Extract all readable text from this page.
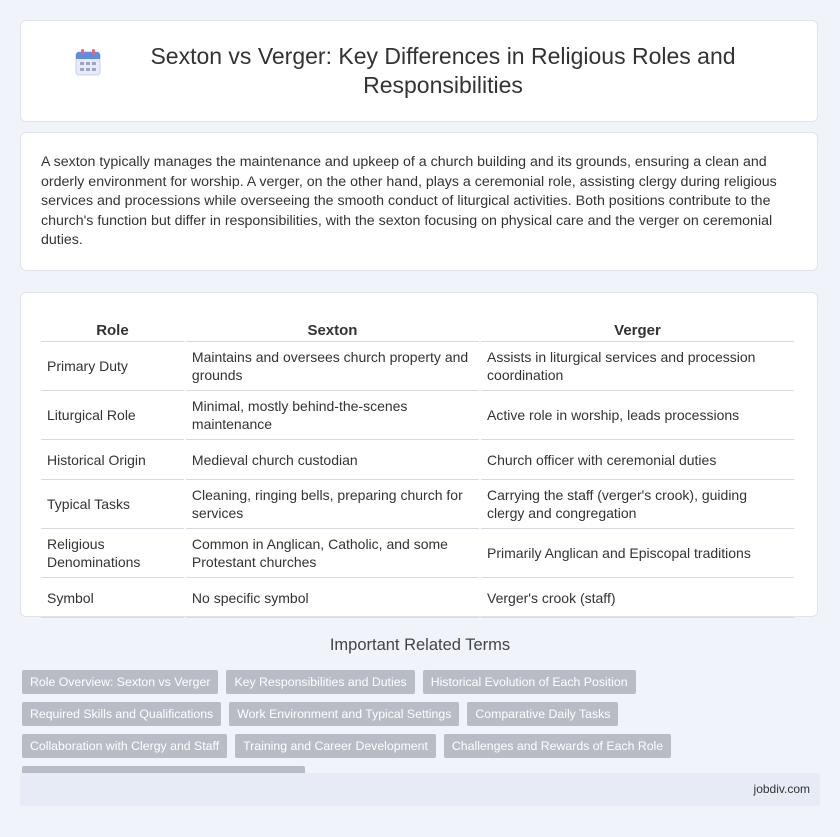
Sexton vs Verger: Key Differences in Religious Roles and Responsibilities

A sexton typically manages the maintenance and upkeep of a church building and its grounds, ensuring a clean and orderly environment for worship. A verger, on the other hand, plays a ceremonial role, assisting clergy during religious services and processions while overseeing the smooth conduct of liturgical activities. Both positions contribute to the church's function but differ in responsibilities, with the sexton focusing on physical care and the verger on ceremonial duties.

Role	Sexton	Verger
Primary Duty	Maintains and oversees church property and grounds	Assists in liturgical services and procession coordination
Liturgical Role	Minimal, mostly behind-the-scenes maintenance	Active role in worship, leads processions
Historical Origin	Medieval church custodian	Church officer with ceremonial duties
Typical Tasks	Cleaning, ringing bells, preparing church for services	Carrying the staff (verger's crook), guiding clergy and congregation
Religious Denominations	Common in Anglican, Catholic, and some Protestant churches	Primarily Anglican and Episcopal traditions
Symbol	No specific symbol	Verger's crook (staff)
Important Related Terms
Role Overview: Sexton vs Verger	Key Responsibilities and Duties	Historical Evolution of Each Position
Required Skills and Qualifications	Work Environment and Typical Settings	Comparative Daily Tasks
Collaboration with Clergy and Staff	Training and Career Development	Challenges and Rewards of Each Role
jobdiv.com
